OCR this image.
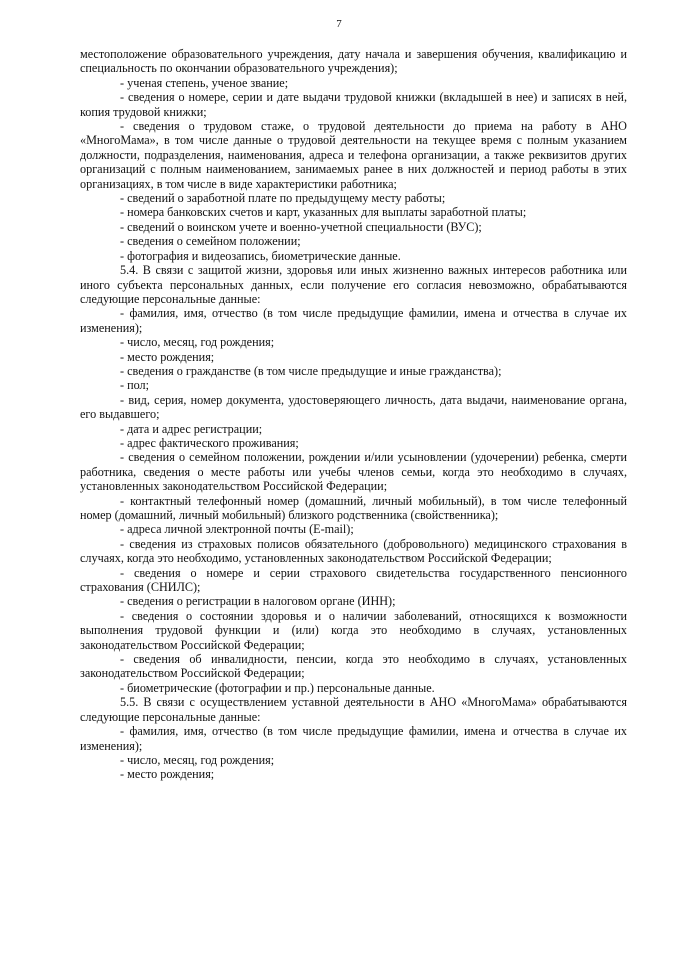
7

местоположение образовательного учреждения, дату начала и завершения обучения, квалификацию и специальность по окончании образовательного учреждения);

- ученая степень, ученое звание;

- сведения о номере, серии и дате выдачи трудовой книжки (вкладышей в нее) и записях в ней, копия трудовой книжки;

- сведения о трудовом стаже, о трудовой деятельности до приема на работу в АНО «МногоМама», в том числе данные о трудовой деятельности на текущее время с полным указанием должности, подразделения, наименования, адреса и телефона организации, а также реквизитов других организаций с полным наименованием, занимаемых ранее в них должностей и период работы в этих организациях, в том числе в виде характеристики работника;

- сведений о заработной плате по предыдущему месту работы;

- номера банковских счетов и карт, указанных для выплаты заработной платы;

- сведений о воинском учете и военно-учетной специальности (ВУС);

- сведения о семейном положении;

- фотография и видеозапись, биометрические данные.

5.4. В связи с защитой жизни, здоровья или иных жизненно важных интересов работника или иного субъекта персональных данных, если получение его согласия невозможно, обрабатываются следующие персональные данные:

- фамилия, имя, отчество (в том числе предыдущие фамилии, имена и отчества в случае их изменения);

- число, месяц, год рождения;

- место рождения;

- сведения о гражданстве (в том числе предыдущие и иные гражданства);

- пол;

- вид, серия, номер документа, удостоверяющего личность, дата выдачи, наименование органа, его выдавшего;

- дата и адрес регистрации;

- адрес фактического проживания;

- сведения о семейном положении, рождении и/или усыновлении (удочерении) ребенка, смерти работника, сведения о месте работы или учебы членов семьи, когда это необходимо в случаях, установленных законодательством Российской Федерации;

- контактный телефонный номер (домашний, личный мобильный), в том числе телефонный номер (домашний, личный мобильный) близкого родственника (свойственника);

- адреса личной электронной почты (E-mail);

- сведения из страховых полисов обязательного (добровольного) медицинского страхования в случаях, когда это необходимо, установленных законодательством Российской Федерации;

- сведения о номере и серии страхового свидетельства государственного пенсионного страхования (СНИЛС);

- сведения о регистрации в налоговом органе (ИНН);

- сведения о состоянии здоровья и о наличии заболеваний, относящихся к возможности выполнения трудовой функции и (или) когда это необходимо в случаях, установленных законодательством Российской Федерации;

- сведения об инвалидности, пенсии, когда это необходимо в случаях, установленных законодательством Российской Федерации;

- биометрические (фотографии и пр.) персональные данные.

5.5. В связи с осуществлением уставной деятельности в АНО «МногоМама» обрабатываются следующие персональные данные:

- фамилия, имя, отчество (в том числе предыдущие фамилии, имена и отчества в случае их изменения);

- число, месяц, год рождения;

- место рождения;
